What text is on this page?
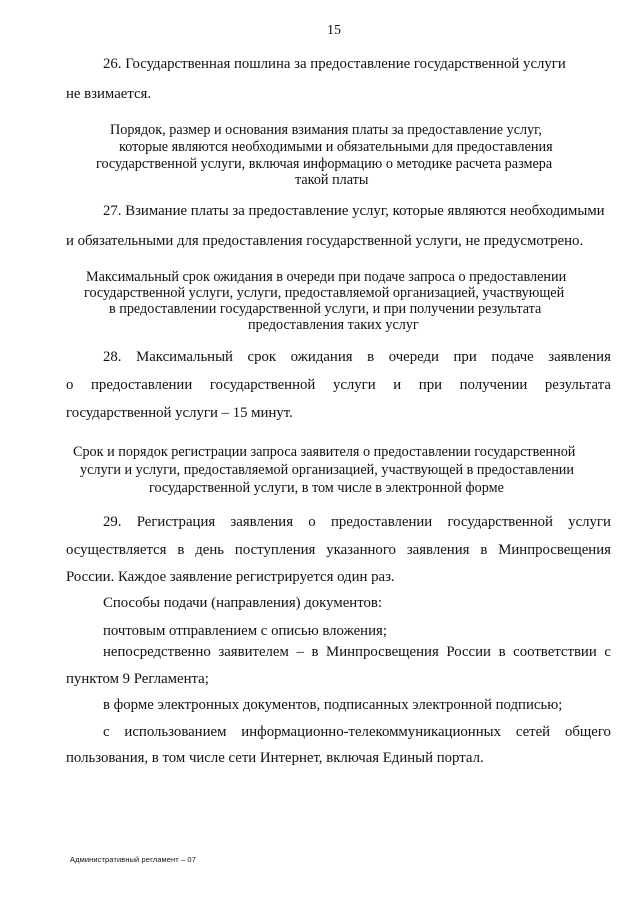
15
26. Государственная пошлина за предоставление государственной услуги
не взимается.
Порядок, размер и основания взимания платы за предоставление услуг,
которые являются необходимыми и обязательными для предоставления
государственной услуги, включая информацию о методике расчета размера
такой платы
27. Взимание платы за предоставление услуг, которые являются необходимыми
и обязательными для предоставления государственной услуги, не предусмотрено.
Максимальный срок ожидания в очереди при подаче запроса о предоставлении
государственной услуги, услуги, предоставляемой организацией, участвующей
в предоставлении государственной услуги, и при получении результата
предоставления таких услуг
28. Максимальный срок ожидания в очереди при подаче заявления
о предоставлении государственной услуги и при получении результата
государственной услуги – 15 минут.
Срок и порядок регистрации запроса заявителя о предоставлении государственной
услуги и услуги, предоставляемой организацией, участвующей в предоставлении
государственной услуги, в том числе в электронной форме
29. Регистрация заявления о предоставлении государственной услуги
осуществляется в день поступления указанного заявления в Минпросвещения
России. Каждое заявление регистрируется один раз.
Способы подачи (направления) документов:
почтовым отправлением с описью вложения;
непосредственно заявителем – в Минпросвещения России в соответствии с
пунктом 9 Регламента;
в форме электронных документов, подписанных электронной подписью;
с использованием информационно-телекоммуникационных сетей общего
пользования, в том числе сети Интернет, включая Единый портал.
Административный регламент – 07
